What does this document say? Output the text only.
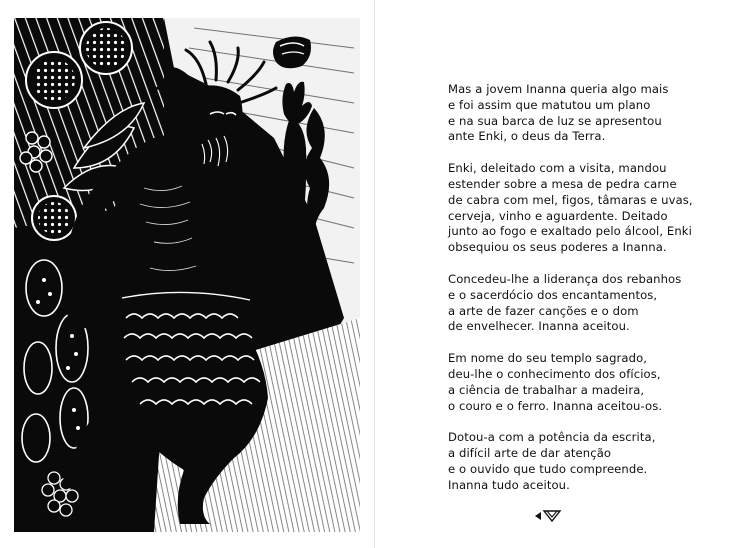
Mas a jovem Inanna queria algo mais
e foi assim que matutou um plano
e na sua barca de luz se apresentou
ante Enki, o deus da Terra.
Enki, deleitado com a visita, mandou
estender sobre a mesa de pedra carne
de cabra com mel, figos, tâmaras e uvas,
cerveja, vinho e aguardente. Deitado
junto ao fogo e exaltado pelo álcool, Enki
obsequiou os seus poderes a Inanna.
Concedeu-lhe a liderança dos rebanhos
e o sacerdócio dos encantamentos,
a arte de fazer canções e o dom
de envelhecer. Inanna aceitou.
Em nome do seu templo sagrado,
deu-lhe o conhecimento dos ofícios,
a ciência de trabalhar a madeira,
o couro e o ferro. Inanna aceitou-os.
Dotou-a com a potência da escrita,
a difícil arte de dar atenção
e o ouvido que tudo compreende.
Inanna tudo aceitou.
